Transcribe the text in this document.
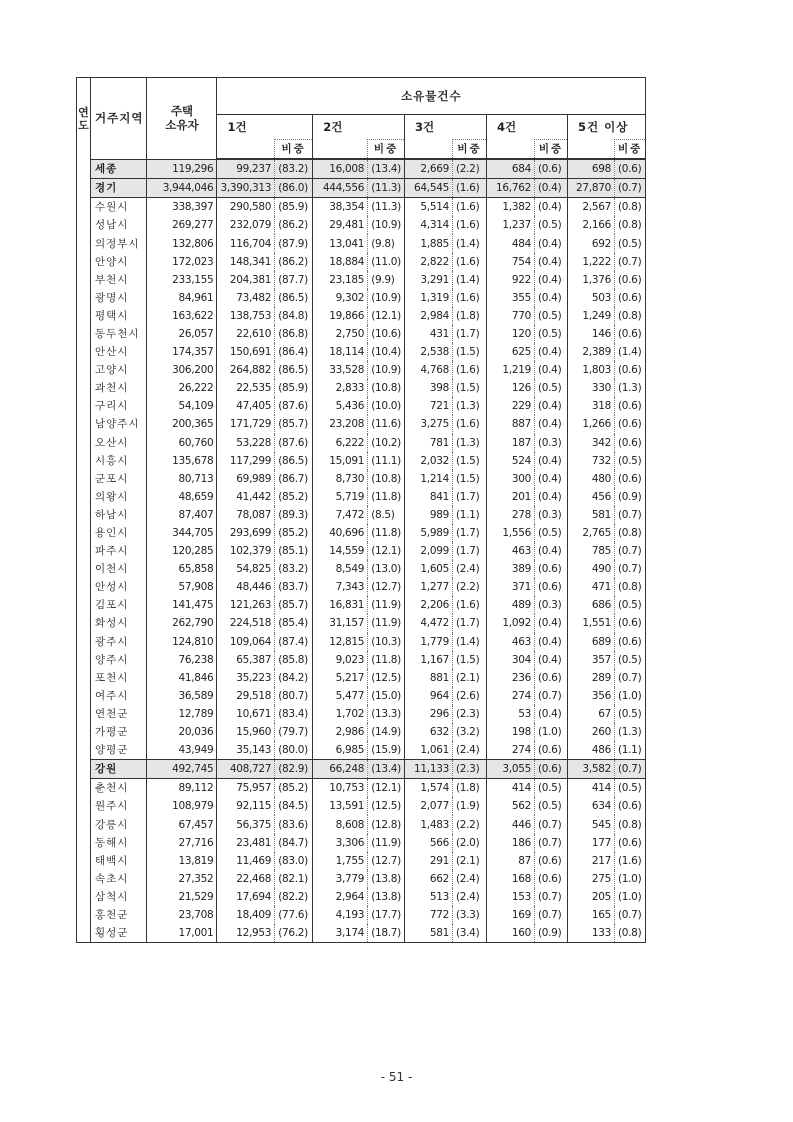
연도	거주지역	주택
소유자	소유물건수									
			1건		2건		3건		4건		5건 이상	
				비중		비중		비중		비중		비중
	세종	119,296	99,237	(83.2)	16,008	(13.4)	2,669	(2.2)	684	(0.6)	698	(0.6)
	경기	3,944,046	3,390,313	(86.0)	444,556	(11.3)	64,545	(1.6)	16,762	(0.4)	27,870	(0.7)
	수원시	338,397	290,580	(85.9)	38,354	(11.3)	5,514	(1.6)	1,382	(0.4)	2,567	(0.8)
	성남시	269,277	232,079	(86.2)	29,481	(10.9)	4,314	(1.6)	1,237	(0.5)	2,166	(0.8)
	의정부시	132,806	116,704	(87.9)	13,041	(9.8)	1,885	(1.4)	484	(0.4)	692	(0.5)
	안양시	172,023	148,341	(86.2)	18,884	(11.0)	2,822	(1.6)	754	(0.4)	1,222	(0.7)
	부천시	233,155	204,381	(87.7)	23,185	(9.9)	3,291	(1.4)	922	(0.4)	1,376	(0.6)
	광명시	84,961	73,482	(86.5)	9,302	(10.9)	1,319	(1.6)	355	(0.4)	503	(0.6)
	평택시	163,622	138,753	(84.8)	19,866	(12.1)	2,984	(1.8)	770	(0.5)	1,249	(0.8)
	동두천시	26,057	22,610	(86.8)	2,750	(10.6)	431	(1.7)	120	(0.5)	146	(0.6)
	안산시	174,357	150,691	(86.4)	18,114	(10.4)	2,538	(1.5)	625	(0.4)	2,389	(1.4)
	고양시	306,200	264,882	(86.5)	33,528	(10.9)	4,768	(1.6)	1,219	(0.4)	1,803	(0.6)
	과천시	26,222	22,535	(85.9)	2,833	(10.8)	398	(1.5)	126	(0.5)	330	(1.3)
	구리시	54,109	47,405	(87.6)	5,436	(10.0)	721	(1.3)	229	(0.4)	318	(0.6)
	남양주시	200,365	171,729	(85.7)	23,208	(11.6)	3,275	(1.6)	887	(0.4)	1,266	(0.6)
	오산시	60,760	53,228	(87.6)	6,222	(10.2)	781	(1.3)	187	(0.3)	342	(0.6)
	시흥시	135,678	117,299	(86.5)	15,091	(11.1)	2,032	(1.5)	524	(0.4)	732	(0.5)
	군포시	80,713	69,989	(86.7)	8,730	(10.8)	1,214	(1.5)	300	(0.4)	480	(0.6)
	의왕시	48,659	41,442	(85.2)	5,719	(11.8)	841	(1.7)	201	(0.4)	456	(0.9)
	하남시	87,407	78,087	(89.3)	7,472	(8.5)	989	(1.1)	278	(0.3)	581	(0.7)
	용인시	344,705	293,699	(85.2)	40,696	(11.8)	5,989	(1.7)	1,556	(0.5)	2,765	(0.8)
	파주시	120,285	102,379	(85.1)	14,559	(12.1)	2,099	(1.7)	463	(0.4)	785	(0.7)
	이천시	65,858	54,825	(83.2)	8,549	(13.0)	1,605	(2.4)	389	(0.6)	490	(0.7)
	안성시	57,908	48,446	(83.7)	7,343	(12.7)	1,277	(2.2)	371	(0.6)	471	(0.8)
	김포시	141,475	121,263	(85.7)	16,831	(11.9)	2,206	(1.6)	489	(0.3)	686	(0.5)
	화성시	262,790	224,518	(85.4)	31,157	(11.9)	4,472	(1.7)	1,092	(0.4)	1,551	(0.6)
	광주시	124,810	109,064	(87.4)	12,815	(10.3)	1,779	(1.4)	463	(0.4)	689	(0.6)
	양주시	76,238	65,387	(85.8)	9,023	(11.8)	1,167	(1.5)	304	(0.4)	357	(0.5)
	포천시	41,846	35,223	(84.2)	5,217	(12.5)	881	(2.1)	236	(0.6)	289	(0.7)
	여주시	36,589	29,518	(80.7)	5,477	(15.0)	964	(2.6)	274	(0.7)	356	(1.0)
	연천군	12,789	10,671	(83.4)	1,702	(13.3)	296	(2.3)	53	(0.4)	67	(0.5)
	가평군	20,036	15,960	(79.7)	2,986	(14.9)	632	(3.2)	198	(1.0)	260	(1.3)
	양평군	43,949	35,143	(80.0)	6,985	(15.9)	1,061	(2.4)	274	(0.6)	486	(1.1)
	강원	492,745	408,727	(82.9)	66,248	(13.4)	11,133	(2.3)	3,055	(0.6)	3,582	(0.7)
	춘천시	89,112	75,957	(85.2)	10,753	(12.1)	1,574	(1.8)	414	(0.5)	414	(0.5)
	원주시	108,979	92,115	(84.5)	13,591	(12.5)	2,077	(1.9)	562	(0.5)	634	(0.6)
	강릉시	67,457	56,375	(83.6)	8,608	(12.8)	1,483	(2.2)	446	(0.7)	545	(0.8)
	동해시	27,716	23,481	(84.7)	3,306	(11.9)	566	(2.0)	186	(0.7)	177	(0.6)
	태백시	13,819	11,469	(83.0)	1,755	(12.7)	291	(2.1)	87	(0.6)	217	(1.6)
	속초시	27,352	22,468	(82.1)	3,779	(13.8)	662	(2.4)	168	(0.6)	275	(1.0)
	삼척시	21,529	17,694	(82.2)	2,964	(13.8)	513	(2.4)	153	(0.7)	205	(1.0)
	홍천군	23,708	18,409	(77.6)	4,193	(17.7)	772	(3.3)	169	(0.7)	165	(0.7)
	횡성군	17,001	12,953	(76.2)	3,174	(18.7)	581	(3.4)	160	(0.9)	133	(0.8)
- 51 -
